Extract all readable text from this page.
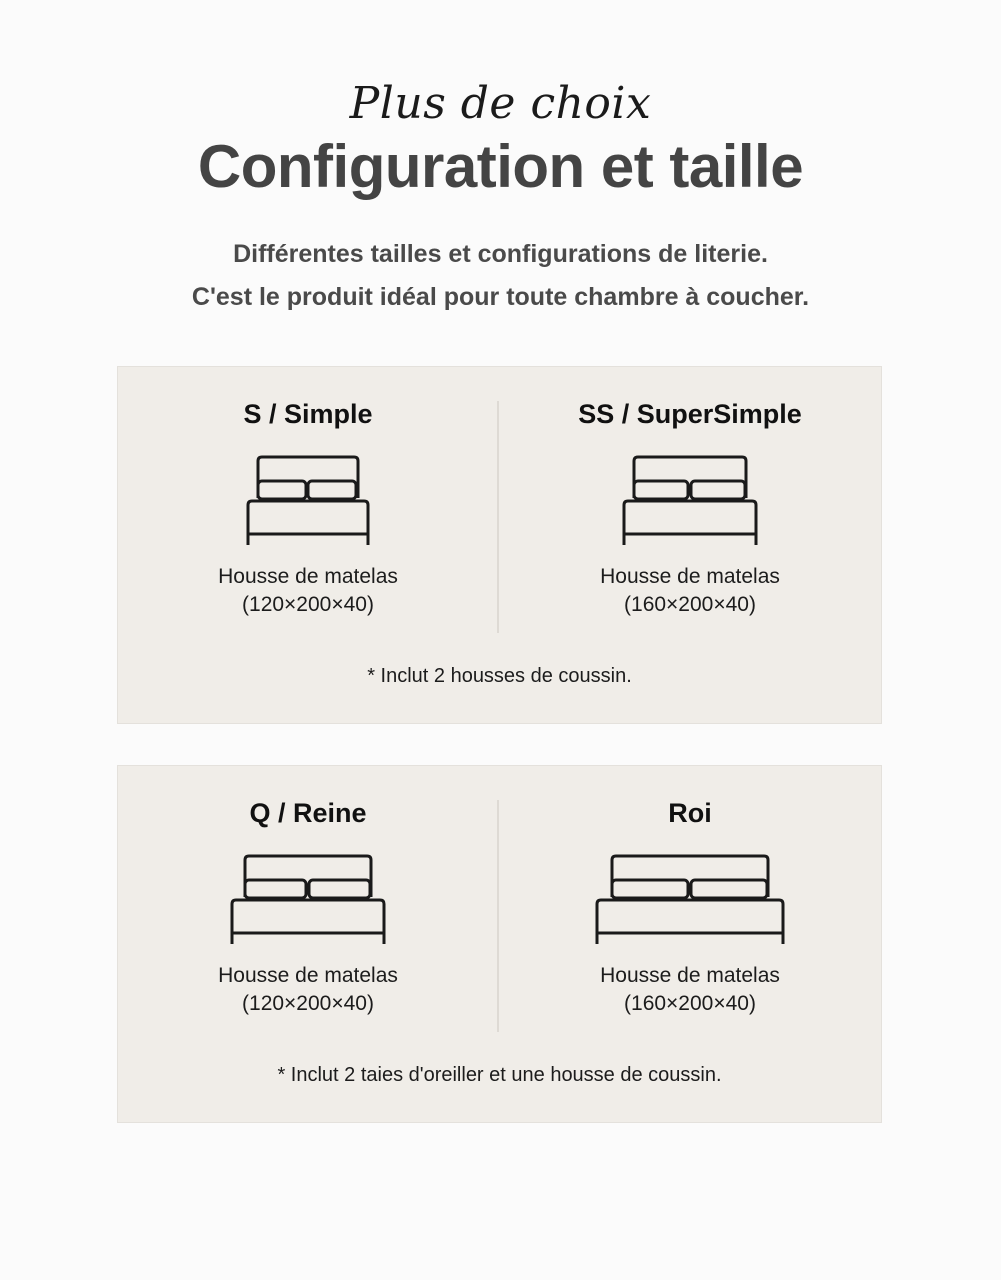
Plus de choix
Configuration et taille
Différentes tailles et configurations de literie.
C'est le produit idéal pour toute chambre à coucher.
S / Simple
Housse de matelas
(120×200×40)
SS / SuperSimple
Housse de matelas
(160×200×40)
* Inclut 2 housses de coussin.
Q / Reine
Housse de matelas
(120×200×40)
Roi
Housse de matelas
(160×200×40)
* Inclut 2 taies d'oreiller et une housse de coussin.
